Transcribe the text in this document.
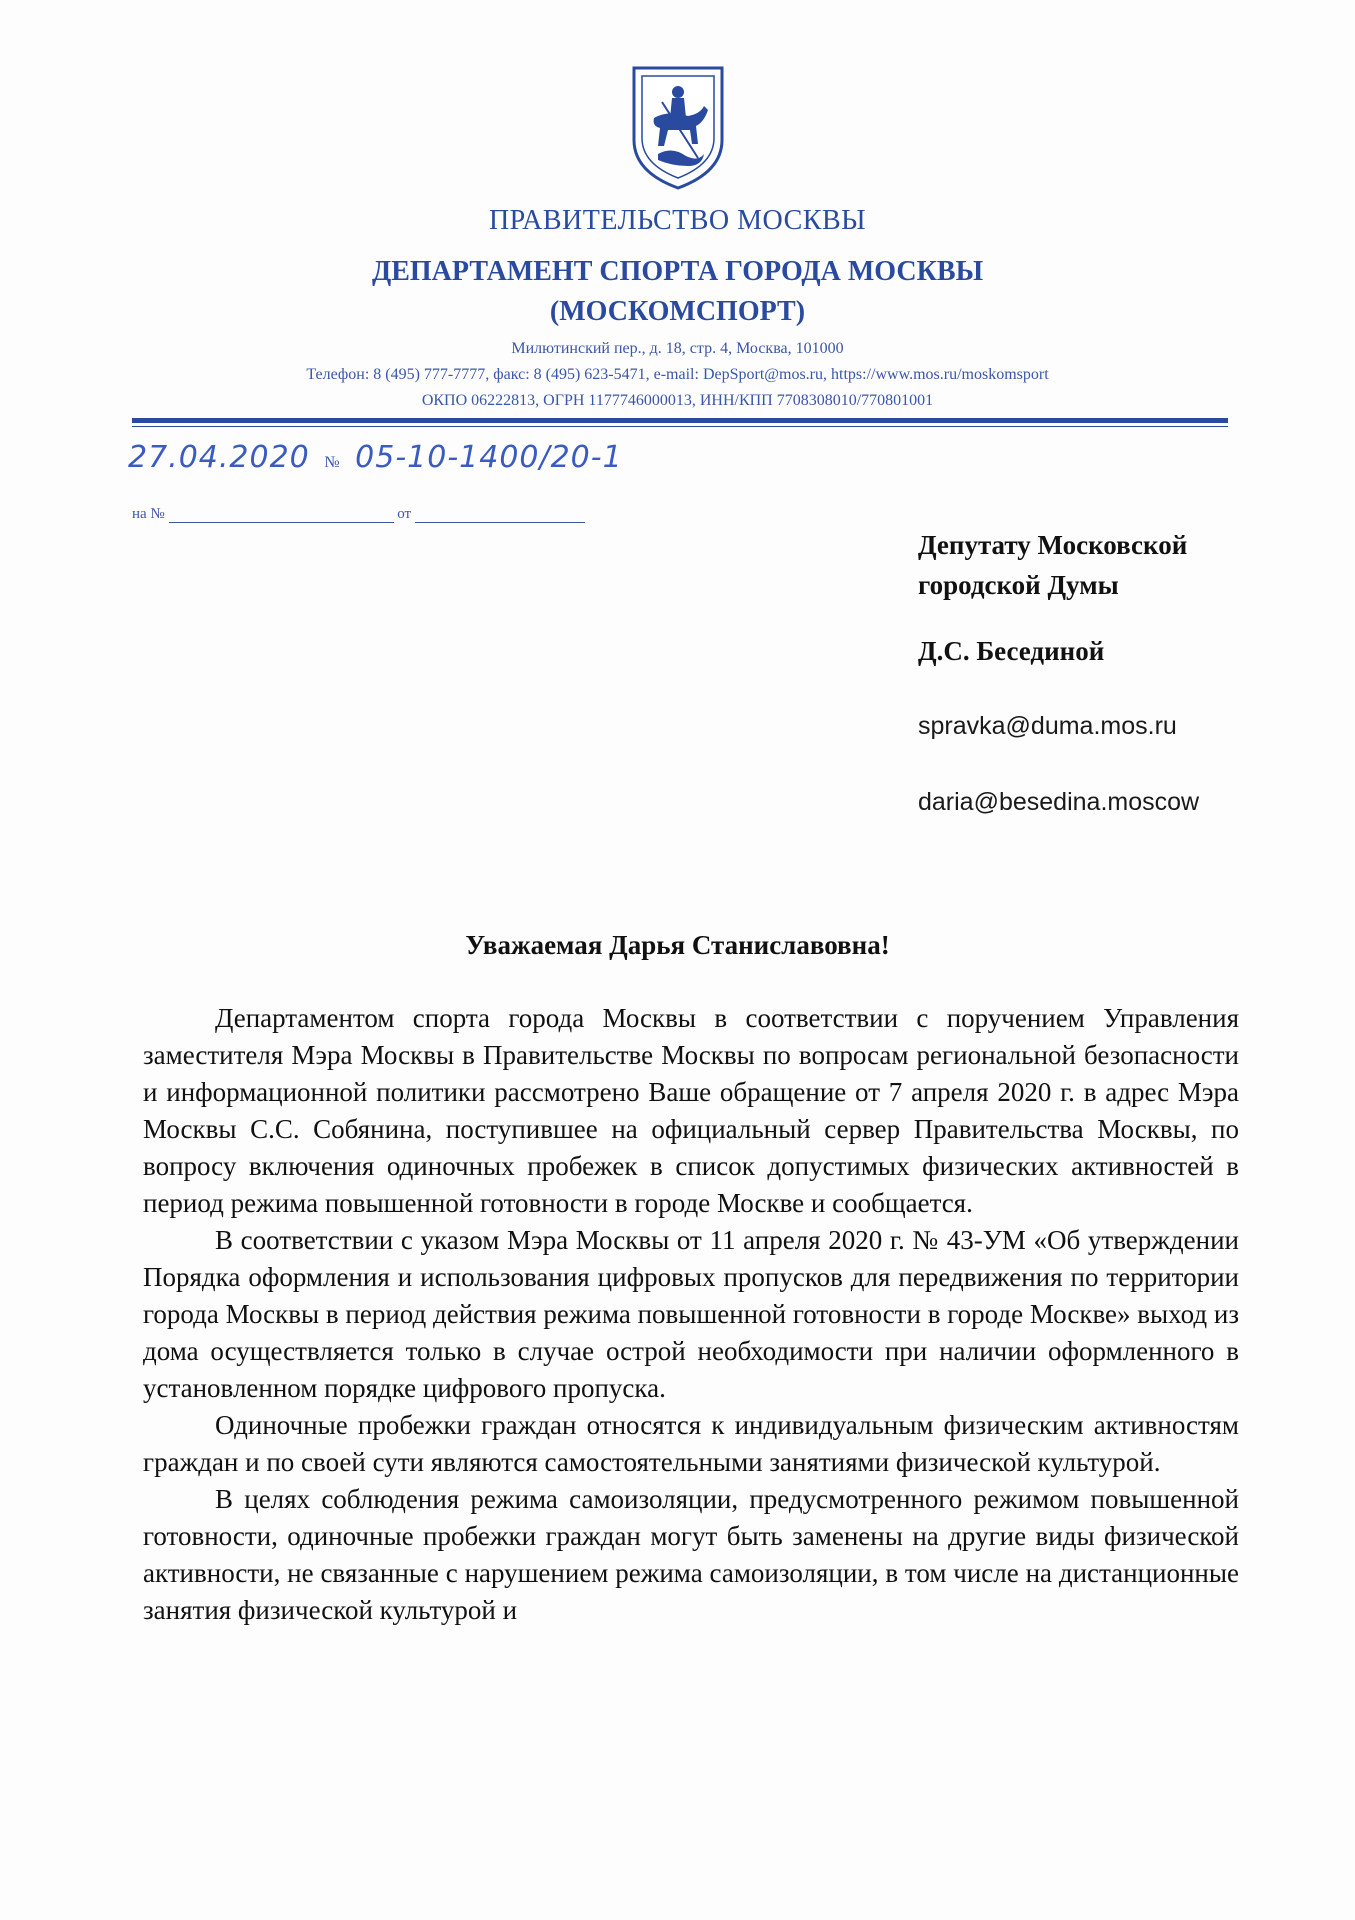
ПРАВИТЕЛЬСТВО МОСКВЫ
ДЕПАРТАМЕНТ СПОРТА ГОРОДА МОСКВЫ
(МОСКОМСПОРТ)
Милютинский пер., д. 18, стр. 4, Москва, 101000
Телефон: 8 (495) 777-7777, факс: 8 (495) 623-5471, e-mail: DepSport@mos.ru, https://www.mos.ru/moskomsport
ОКПО 06222813, ОГРН 1177746000013, ИНН/КПП 7708308010/770801001
27.04.2020 № 05-10-1400/20-1
на №	от
Депутату Московской
городской Думы
Д.С. Бесединой
spravka@duma.mos.ru
daria@besedina.moscow
Уважаемая Дарья Станиславовна!

Департаментом спорта города Москвы в соответствии с поручением Управления заместителя Мэра Москвы в Правительстве Москвы по вопросам региональной безопасности и информационной политики рассмотрено Ваше обращение от 7 апреля 2020 г. в адрес Мэра Москвы С.С. Собянина, поступившее на официальный сервер Правительства Москвы, по вопросу включения одиночных пробежек в список допустимых физических активностей в период режима повышенной готовности в городе Москве и сообщается.

В соответствии с указом Мэра Москвы от 11 апреля 2020 г. № 43-УМ «Об утверждении Порядка оформления и использования цифровых пропусков для передвижения по территории города Москвы в период действия режима повышенной готовности в городе Москве» выход из дома осуществляется только в случае острой необходимости при наличии оформленного в установленном порядке цифрового пропуска.

Одиночные пробежки граждан относятся к индивидуальным физическим активностям граждан и по своей сути являются самостоятельными занятиями физической культурой.

В целях соблюдения режима самоизоляции, предусмотренного режимом повышенной готовности, одиночные пробежки граждан могут быть заменены на другие виды физической активности, не связанные с нарушением режима самоизоляции, в том числе на дистанционные занятия физической культурой и
